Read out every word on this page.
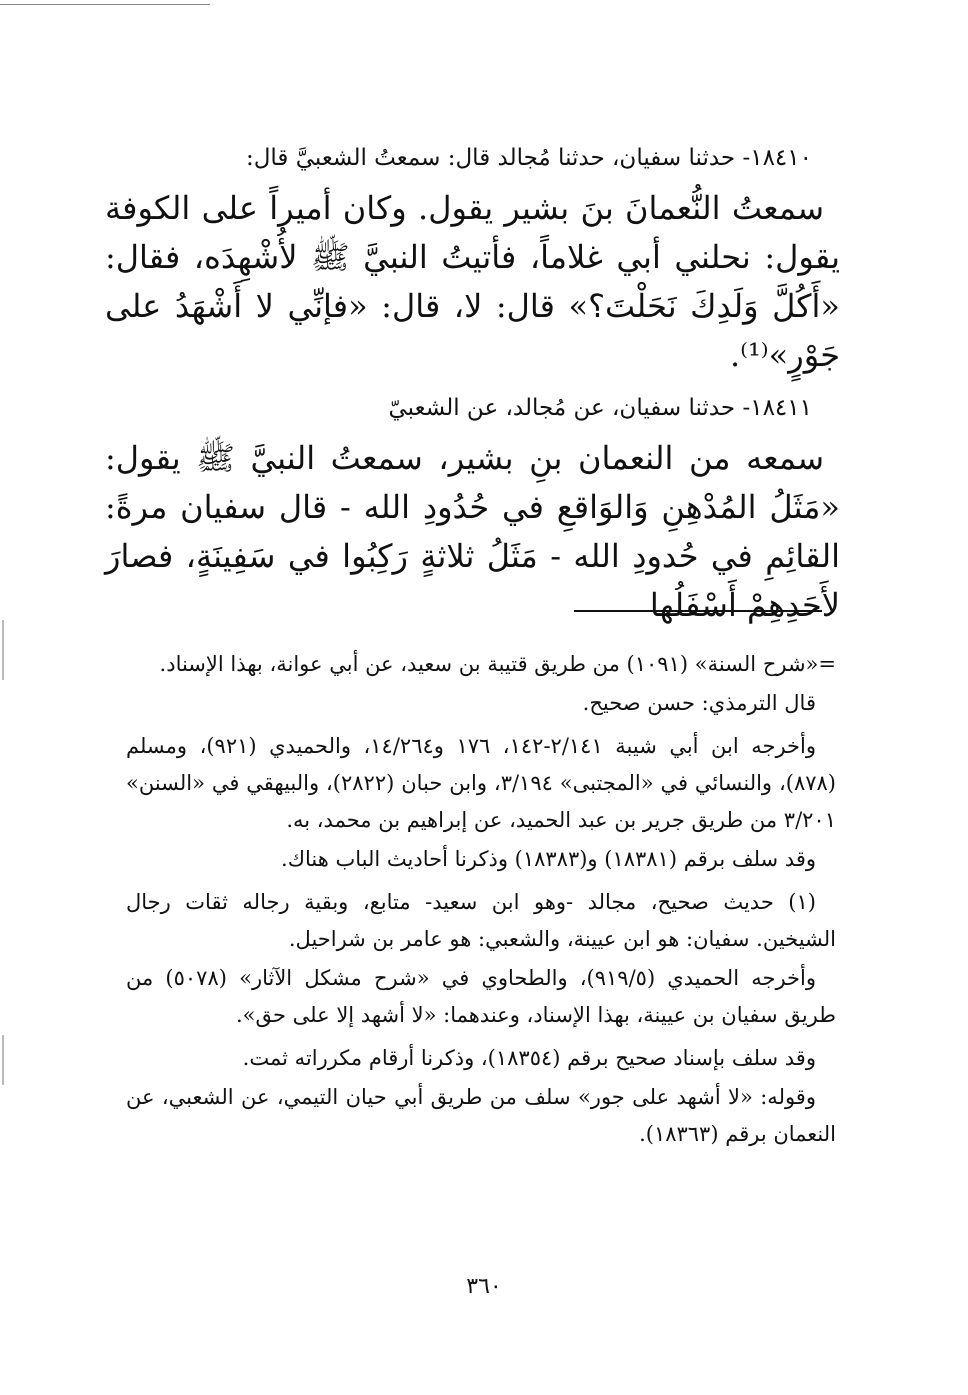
١٨٤١٠- حدثنا سفيان، حدثنا مُجالد قال: سمعتُ الشعبيَّ قال:

سمعتُ النُّعمانَ بنَ بشير يقول. وكان أميراً على الكوفة يقول: نحلني أبي غلاماً، فأتيتُ النبيَّ ﷺ لأُشْهِدَه، فقال: «أَكُلَّ وَلَدِكَ نَحَلْتَ؟» قال: لا، قال: «فإنِّي لا أَشْهَدُ على جَوْرٍ»⁽¹⁾.

١٨٤١١- حدثنا سفيان، عن مُجالد، عن الشعبيّ

سمعه من النعمان بنِ بشير، سمعتُ النبيَّ ﷺ يقول: «مَثَلُ المُدْهِنِ وَالوَاقعِ في حُدُودِ الله - قال سفيان مرةً: القائِمِ في حُدودِ الله - مَثَلُ ثلاثةٍ رَكِبُوا في سَفِينَةٍ، فصارَ لأَحَدِهِمْ أَسْفَلُها

=«شرح السنة» (١٠٩١) من طريق قتيبة بن سعيد، عن أبي عوانة، بهذا الإسناد.

قال الترمذي: حسن صحيح.

وأخرجه ابن أبي شيبة ٢/١٤١-١٤٢، ١٧٦ و١٤/٢٦٤، والحميدي (٩٢١)، ومسلم (٨٧٨)، والنسائي في «المجتبى» ٣/١٩٤، وابن حبان (٢٨٢٢)، والبيهقي في «السنن» ٣/٢٠١ من طريق جرير بن عبد الحميد، عن إبراهيم بن محمد، به.

وقد سلف برقم (١٨٣٨١) و(١٨٣٨٣) وذكرنا أحاديث الباب هناك.

(١) حديث صحيح، مجالد -وهو ابن سعيد- متابع، وبقية رجاله ثقات رجال الشيخين. سفيان: هو ابن عيينة، والشعبي: هو عامر بن شراحيل.

وأخرجه الحميدي (٩١٩/٥)، والطحاوي في «شرح مشكل الآثار» (٥٠٧٨) من طريق سفيان بن عيينة، بهذا الإسناد، وعندهما: «لا أشهد إلا على حق».

وقد سلف بإسناد صحيح برقم (١٨٣٥٤)، وذكرنا أرقام مكرراته ثمت.

وقوله: «لا أشهد على جور» سلف من طريق أبي حيان التيمي، عن الشعبي، عن النعمان برقم (١٨٣٦٣).

٣٦٠
